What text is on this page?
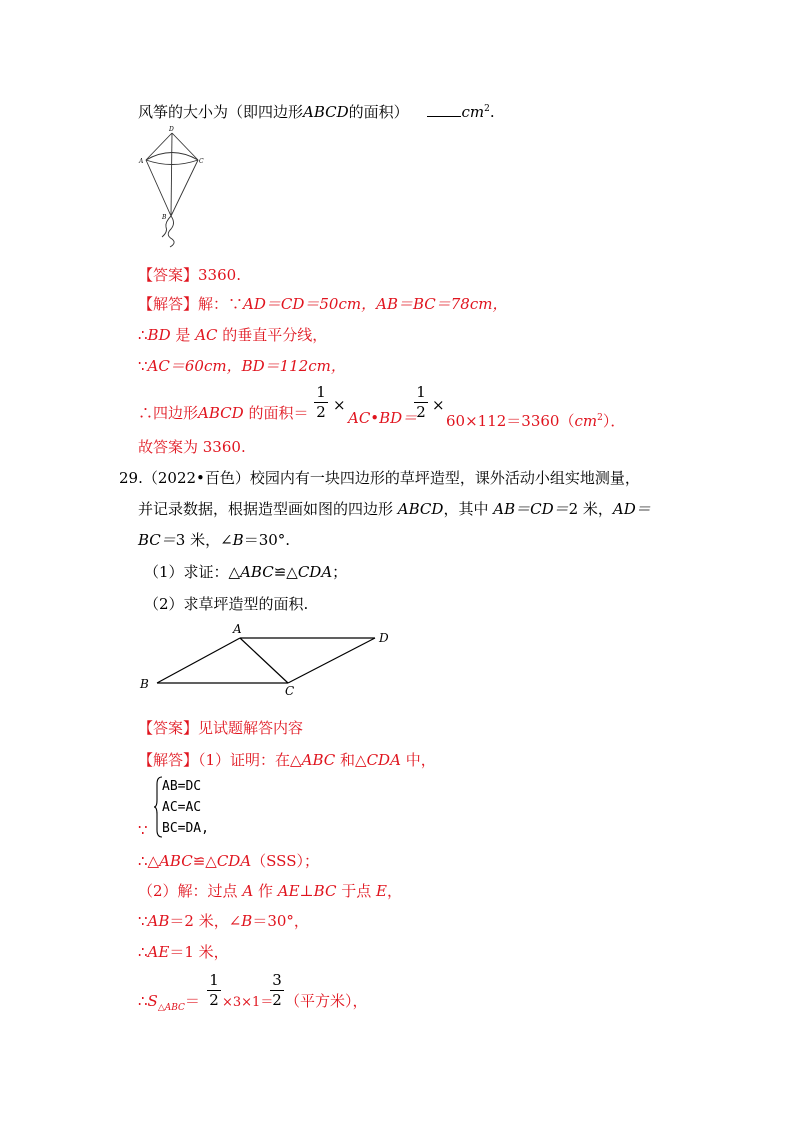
风筝的大小为（即四边形ABCD的面积）	$cm^2$.
D
A	C
B
【答案】3360.
【解答】解：∵AD＝CD＝50cm，AB＝BC＝78cm，
∴BD 是 AC 的垂直平分线，
∵AC＝60cm，BD＝112cm，
∴四边形ABCD 的面积＝
1
2 ×
AC•BD＝
1
2 ×
$60\times 112=3360(cm^2)$．
故答案为 3360.
29.（2022•百色）校园内有一块四边形的草坪造型，课外活动小组实地测量，
并记录数据，根据造型画如图的四边形 ABCD，其中 AB＝CD＝2 米，AD＝
BC＝3 米，∠B＝30°.
（1）求证：△ABC≌△CDA；
（2）求草坪造型的面积.
A
D
B	C
【答案】见试题解答内容
【解答】（1）证明：在△ABC 和△CDA 中，
AB=DC
AC=AC
BC=DA,
∵
∴△ABC≌△CDA（SSS）；
（2）解：过点 A 作 AE⊥BC 于点 E，
∵AB＝2 米，∠B＝30°，
∴AE＝1 米，
$\therefore S_{\triangle ABC}=$
1
2 ×3×1＝
3
2 （平方米），
